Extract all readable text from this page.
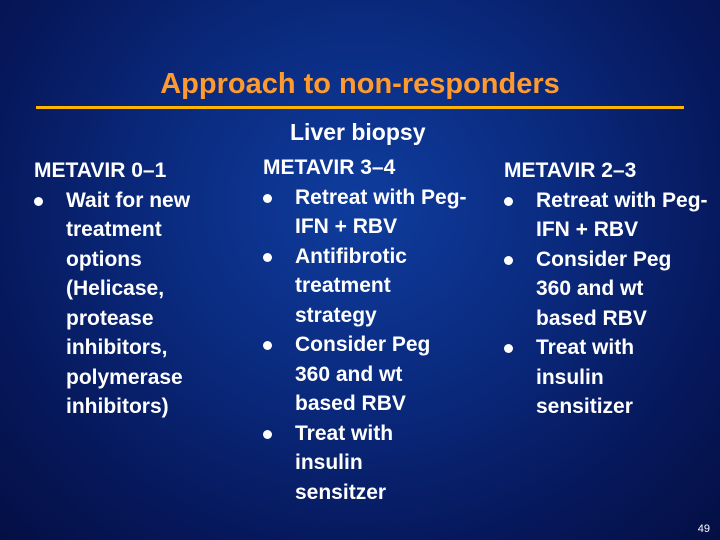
Approach to non-responders
Liver biopsy

METAVIR 0–1

Wait for new treatment options (Helicase, protease inhibitors, polymerase inhibitors)

METAVIR 3–4

Retreat with Peg-IFN + RBV
Antifibrotic treatment strategy
Consider Peg 360 and wt based RBV
Treat with insulin sensitzer

METAVIR 2–3

Retreat with Peg-IFN + RBV
Consider Peg 360 and wt based RBV
Treat with insulin sensitizer
49
